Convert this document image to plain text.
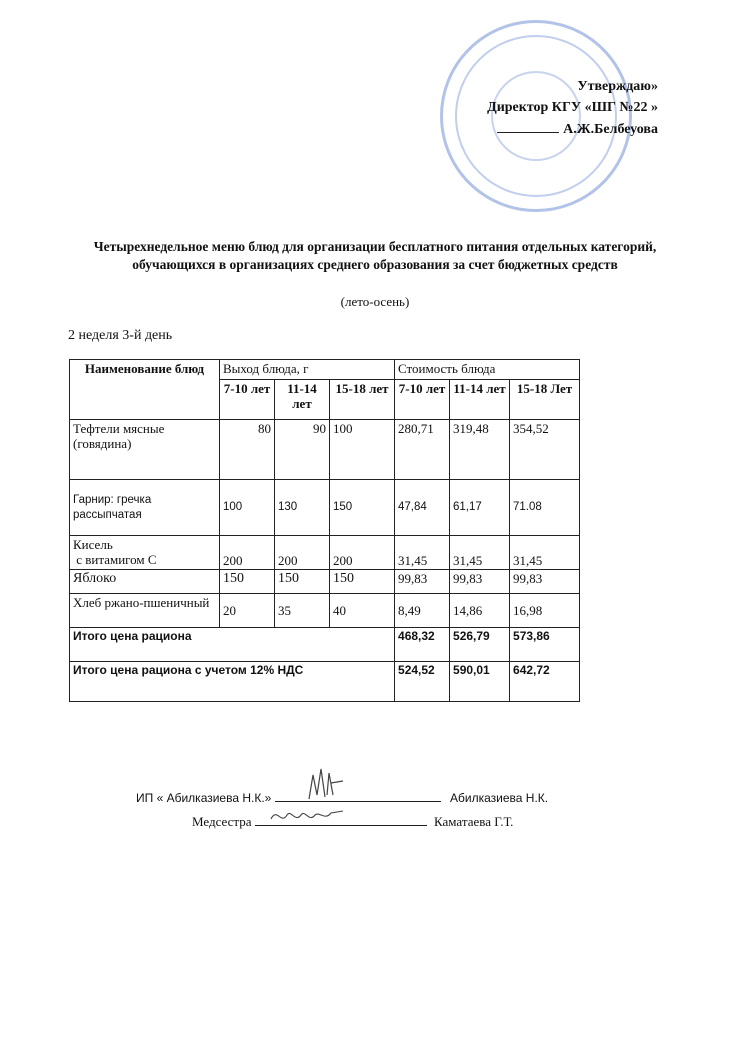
Утверждаю»
Директор КГУ «ШГ №22 »
А.Ж.Белбеуова
Четырехнедельное меню блюд для организации бесплатного питания отдельных категорий, обучающихся в организациях среднего образования за счет бюджетных средств
(лето-осень)
2 неделя 3-й день
Наименование блюд	Выход блюда, г			Стоимость блюда		
	7-10 лет	11-14 лет	15-18 лет	7-10 лет	11-14 лет	15-18 Лет
Тефтели мясные (говядина)	80	90	100	280,71	319,48	354,52

Гарнир: гречка
рассыпчатая	100	130	150	47,84	61,17	71.08

Кисель
с витамигом С	200	200	200	31,45	31,45	31,45
Яблоко	150	150	150	99,83	99,83	99,83
Хлеб ржано-пшеничный	20	35	40	8,49	14,86	16,98
Итого цена рациона				468,32	526,79	573,86
Итого цена рациона с учетом 12% НДС				524,52	590,01	642,72
ИП « Абилказиева Н.К.»	Абилказиева Н.К.
Медсестра	Каматаева Г.Т.
